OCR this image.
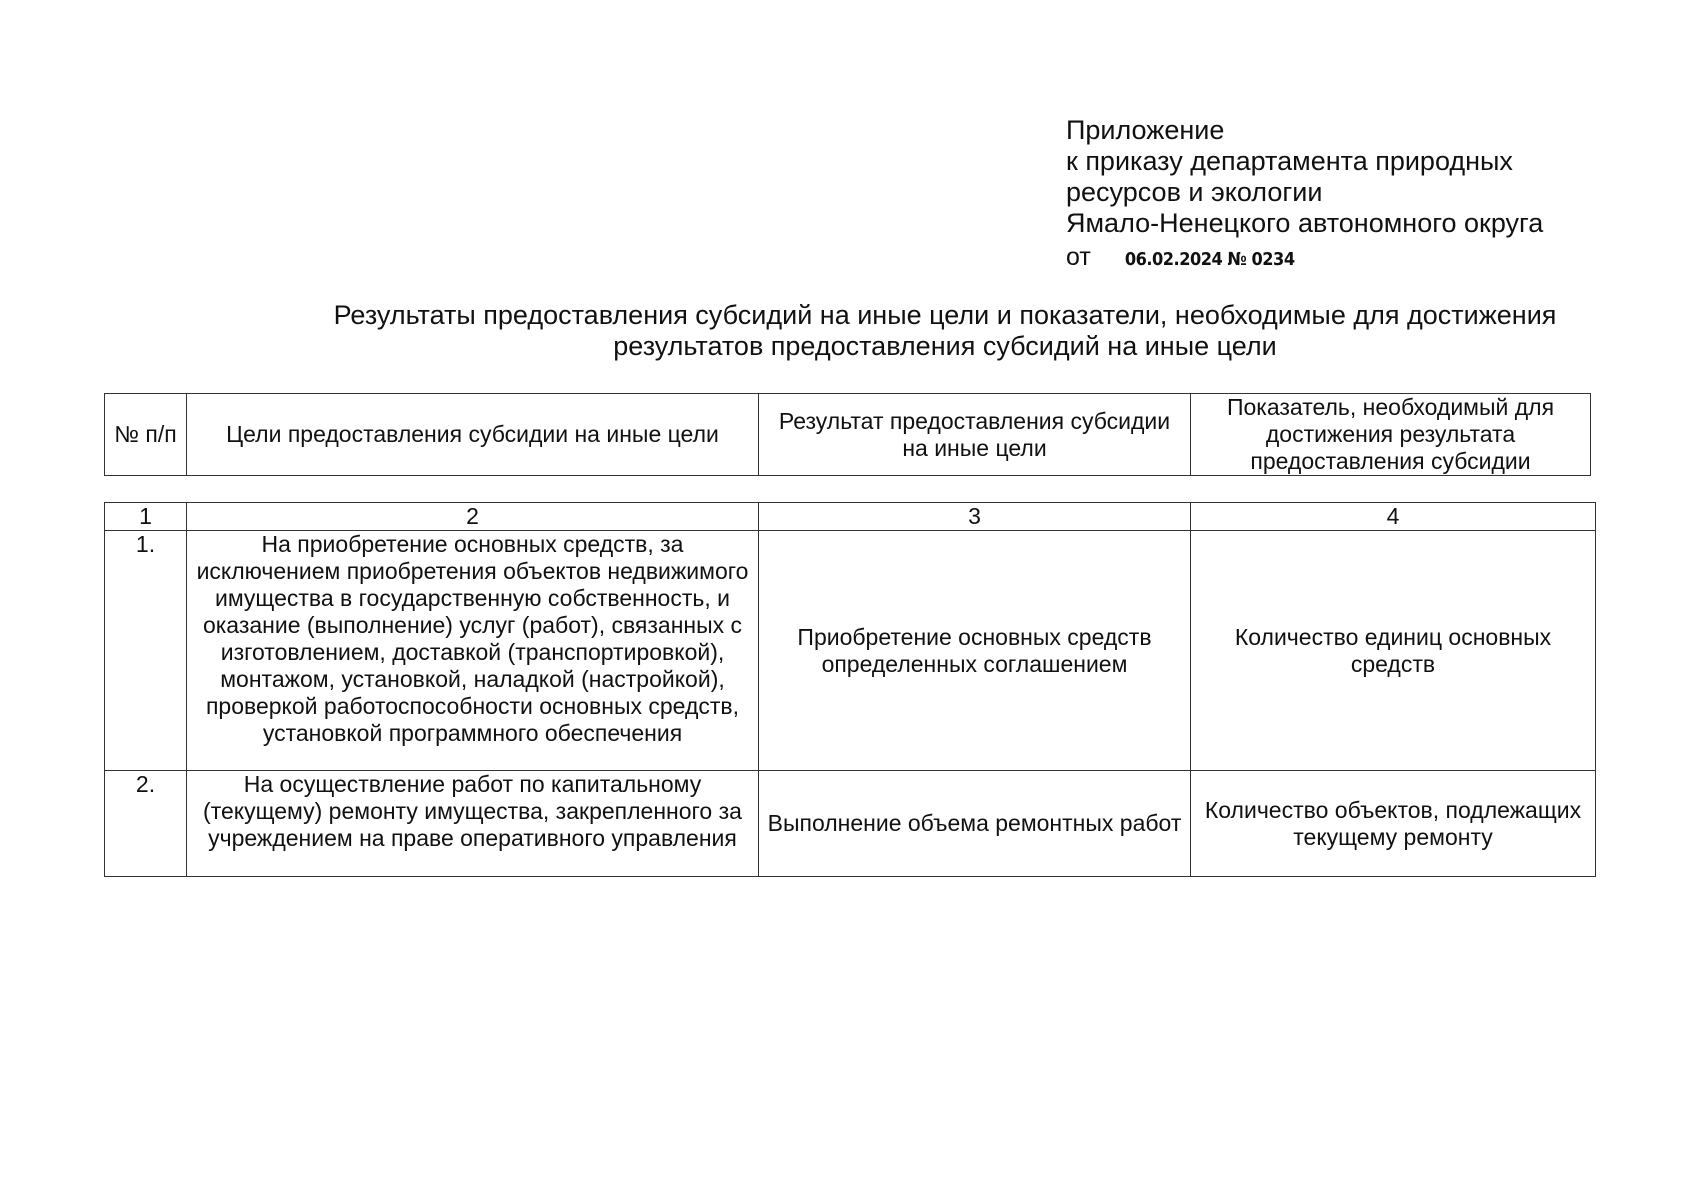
Приложение
к приказу департамента природных
ресурсов и экологии
Ямало-Ненецкого автономного округа
от 06.02.2024 № 0234
Результаты предоставления субсидий на иные цели и показатели, необходимые для достижения
результатов предоставления субсидий на иные цели
№ п/п	Цели предоставления субсидии на иные цели	Результат предоставления субсидии на иные цели	Показатель, необходимый для достижения результата предоставления субсидии
1	2	3	4
1.	На приобретение основных средств, за исключением приобретения объектов недвижимого имущества в государственную собственность, и оказание (выполнение) услуг (работ), связанных с изготовлением, доставкой (транспортировкой), монтажом, установкой, наладкой (настройкой), проверкой работоспособности основных средств, установкой программного обеспечения	Приобретение основных средств определенных соглашением	Количество единиц основных средств
2.	На осуществление работ по капитальному (текущему) ремонту имущества, закрепленного за учреждением на праве оперативного управления	Выполнение объема ремонтных работ	Количество объектов, подлежащих текущему ремонту
